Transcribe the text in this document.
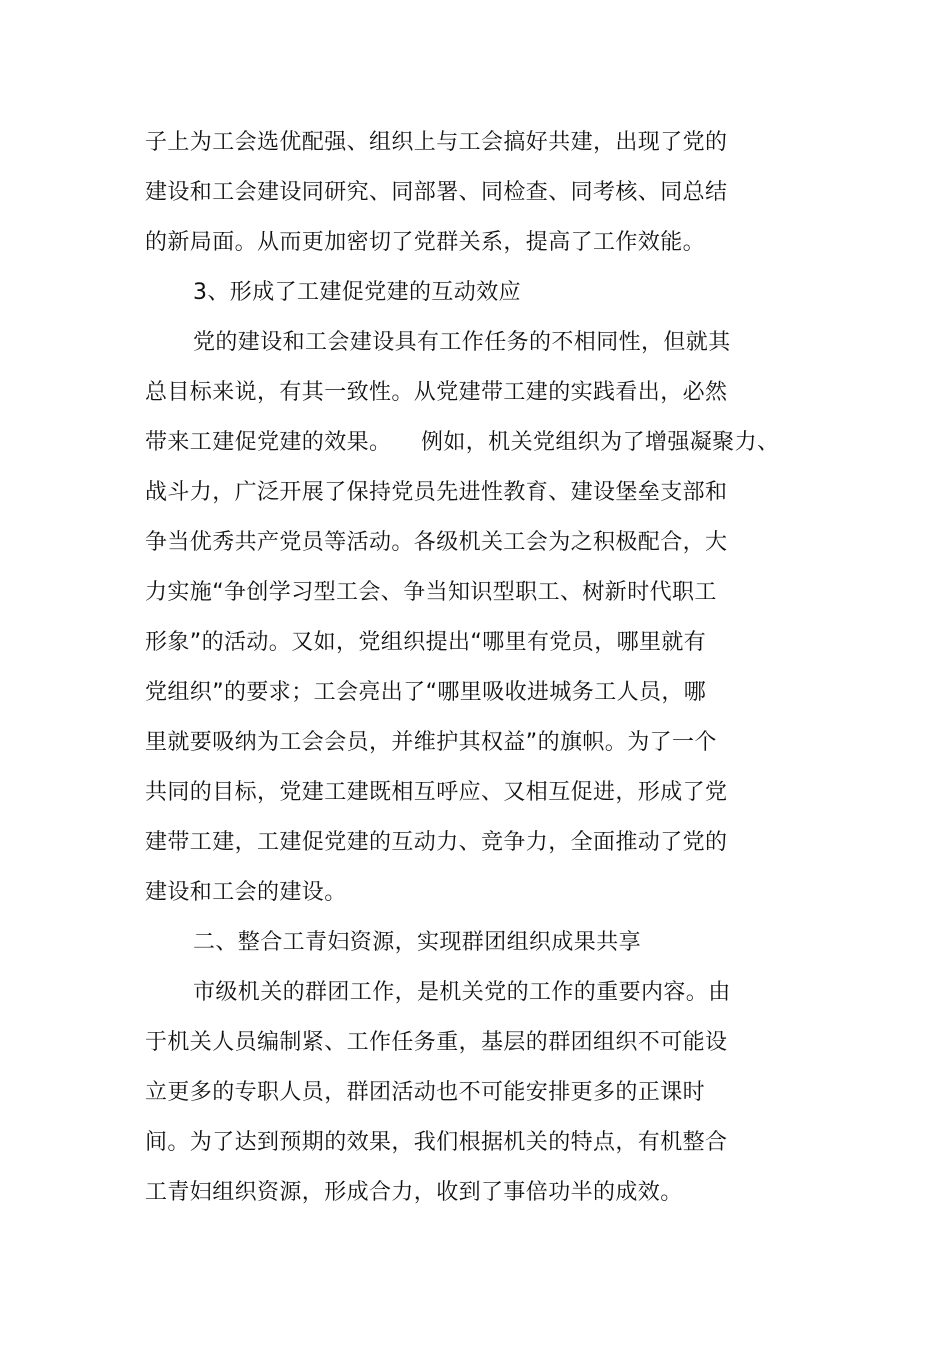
子上为工会选优配强、组织上与工会搞好共建，出现了党的
建设和工会建设同研究、同部署、同检查、同考核、同总结
的新局面。从而更加密切了党群关系，提高了工作效能。
3、形成了工建促党建的互动效应
党的建设和工会建设具有工作任务的不相同性，但就其
总目标来说，有其一致性。从党建带工建的实践看出，必然
带来工建促党建的效果。    例如，机关党组织为了增强凝聚力、
战斗力，广泛开展了保持党员先进性教育、建设堡垒支部和
争当优秀共产党员等活动。各级机关工会为之积极配合，大
力实施“争创学习型工会、争当知识型职工、树新时代职工
形象”的活动。又如，党组织提出“哪里有党员，哪里就有
党组织”的要求；工会亮出了“哪里吸收进城务工人员，哪
里就要吸纳为工会会员，并维护其权益”的旗帜。为了一个
共同的目标，党建工建既相互呼应、又相互促进，形成了党
建带工建，工建促党建的互动力、竞争力，全面推动了党的
建设和工会的建设。
二、整合工青妇资源，实现群团组织成果共享
市级机关的群团工作，是机关党的工作的重要内容。由
于机关人员编制紧、工作任务重，基层的群团组织不可能设
立更多的专职人员，群团活动也不可能安排更多的正课时
间。为了达到预期的效果，我们根据机关的特点，有机整合
工青妇组织资源，形成合力，收到了事倍功半的成效。
